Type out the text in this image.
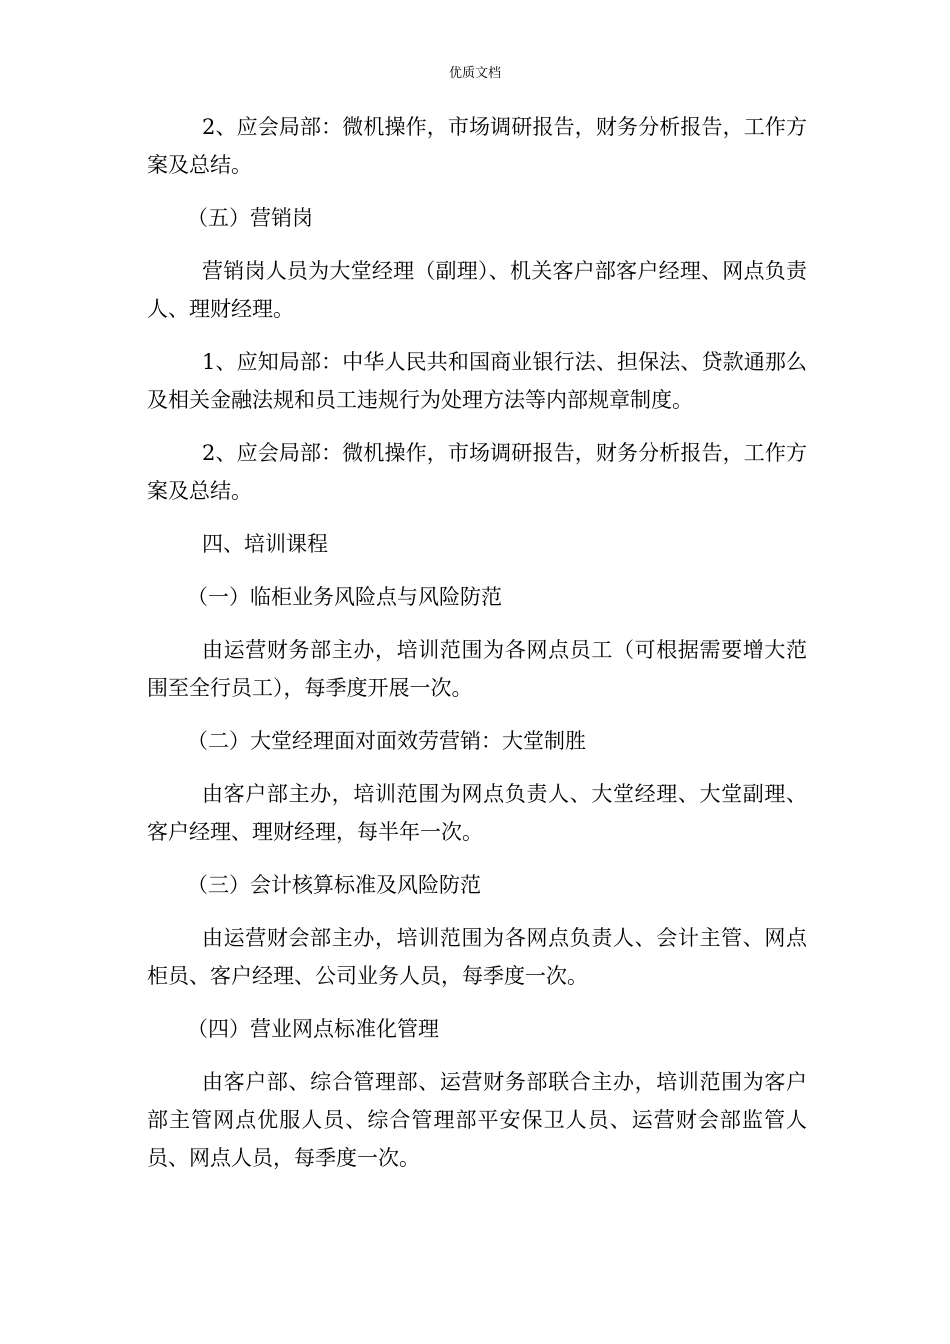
优质文档

2、应会局部：微机操作，市场调研报告，财务分析报告，工作方案及总结。

（五）营销岗

营销岗人员为大堂经理（副理）、机关客户部客户经理、网点负责人、理财经理。

1、应知局部：中华人民共和国商业银行法、担保法、贷款通那么及相关金融法规和员工违规行为处理方法等内部规章制度。

2、应会局部：微机操作，市场调研报告，财务分析报告，工作方案及总结。

四、培训课程

（一）临柜业务风险点与风险防范

由运营财务部主办，培训范围为各网点员工（可根据需要增大范围至全行员工），每季度开展一次。

（二）大堂经理面对面效劳营销：大堂制胜

由客户部主办，培训范围为网点负责人、大堂经理、大堂副理、客户经理、理财经理，每半年一次。

（三）会计核算标准及风险防范

由运营财会部主办，培训范围为各网点负责人、会计主管、网点柜员、客户经理、公司业务人员，每季度一次。

（四）营业网点标准化管理

由客户部、综合管理部、运营财务部联合主办，培训范围为客户部主管网点优服人员、综合管理部平安保卫人员、运营财会部监管人员、网点人员，每季度一次。
